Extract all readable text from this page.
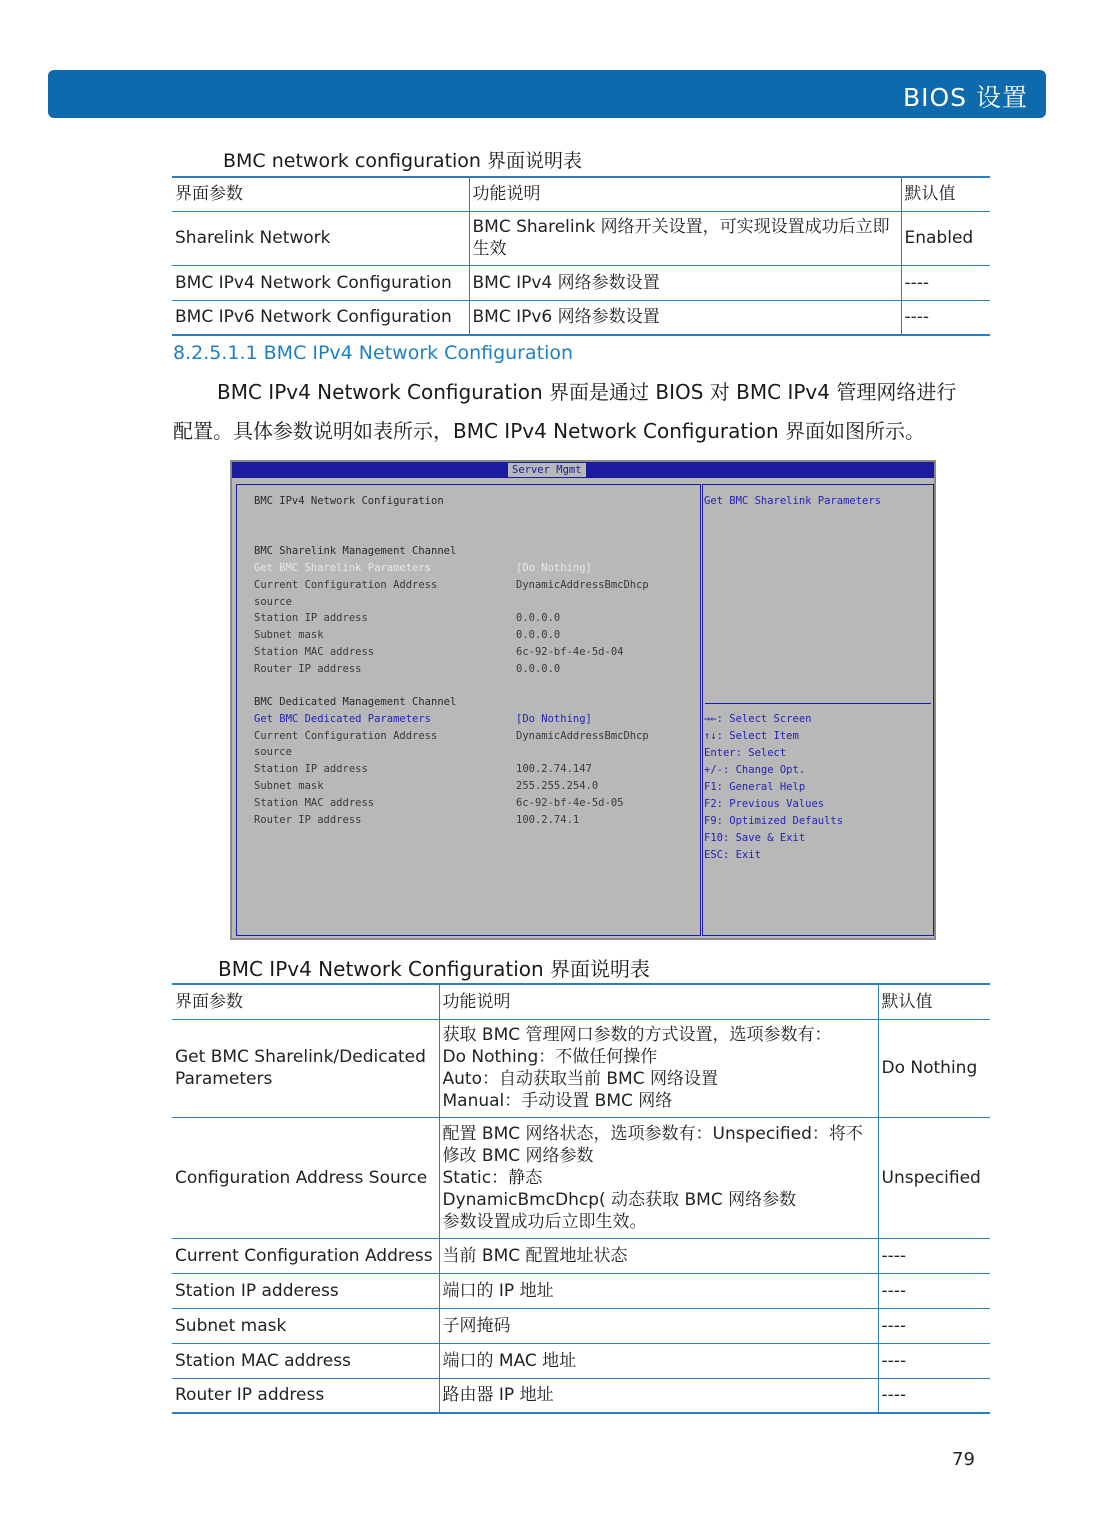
BIOS 设置
BMC network configuration 界面说明表
界面参数	功能说明	默认值
Sharelink Network	BMC Sharelink 网络开关设置，可实现设置成功后立即生效	Enabled
BMC IPv4 Network Configuration	BMC IPv4 网络参数设置	----
BMC IPv6 Network Configuration	BMC IPv6 网络参数设置	----
8.2.5.1.1 BMC IPv4 Network Configuration
BMC IPv4 Network Configuration 界面是通过 BIOS 对 BMC IPv4 管理网络进行
配置。具体参数说明如表所示，BMC IPv4 Network Configuration 界面如图所示。
Server Mgmt
BMC IPv4 Network Configuration
BMC Sharelink Management Channel
Get BMC Sharelink Parameters	[Do Nothing]
Current Configuration Address	DynamicAddressBmcDhcp
source
Station IP address	0.0.0.0
Subnet mask	0.0.0.0
Station MAC address	6c-92-bf-4e-5d-04
Router IP address	0.0.0.0
BMC Dedicated Management Channel
Get BMC Dedicated Parameters	[Do Nothing]
Current Configuration Address	DynamicAddressBmcDhcp
source
Station IP address	100.2.74.147
Subnet mask	255.255.254.0
Station MAC address	6c-92-bf-4e-5d-05
Router IP address	100.2.74.1
Get BMC Sharelink Parameters
→←: Select Screen
↑↓: Select Item
Enter: Select
+/-: Change Opt.
F1: General Help
F2: Previous Values
F9: Optimized Defaults
F10: Save & Exit
ESC: Exit
BMC IPv4 Network Configuration 界面说明表
界面参数	功能说明	默认值
Get BMC Sharelink/Dedicated Parameters	获取 BMC 管理网口参数的方式设置，选项参数有：
Do Nothing：不做任何操作
Auto：自动获取当前 BMC 网络设置
Manual：手动设置 BMC 网络	Do Nothing
Configuration Address Source	配置 BMC 网络状态，选项参数有：Unspecified：将不修改 BMC 网络参数
Static：静态
DynamicBmcDhcp( 动态获取 BMC 网络参数
参数设置成功后立即生效。	Unspecified
Current Configuration Address	当前 BMC 配置地址状态	----
Station IP adderess	端口的 IP 地址	----
Subnet mask	子网掩码	----
Station MAC address	端口的 MAC 地址	----
Router IP address	路由器 IP 地址	----
79
